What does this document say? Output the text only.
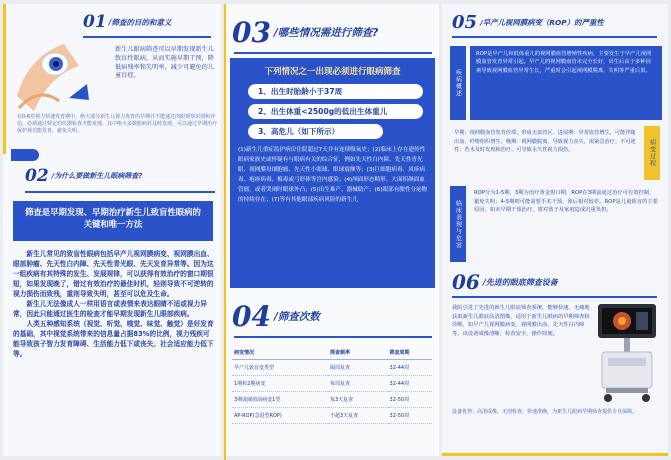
01 /筛查的目的和意义
新生儿眼病筛查可以早期发现新生儿致盲性眼病，从而实施早期干预，降低病残率和失明率，减少可避免的儿童盲症。
在0-6岁视力快速发育期中，绝大部分新生儿视力发育的早期并不能通过肉眼观察识别和评估，必须通过特定的仪器检查才能发现，其中绝大多数眼病若及时发现，可以通过早期治疗保护视功能发育，避免失明。
02 /为什么要做新生儿眼病筛查?
筛查是早期发现、早期治疗新生儿致盲性眼病的关键和唯一方法

新生儿常见的致盲性眼病包括早产儿视网膜病变、视网膜出血、眼部肿瘤、先天性白内障、先天性青光眼、先天发育异常等。因为这一组疾病有其特殊的发生、发展规律，可以获得有效治疗的窗口期很短，如果发现晚了，错过有效治疗的最佳时机，轻则导致不可逆转的视力损伤而致残，重则导致失明，甚至可以危及生命。

新生儿无法像成人一样用语言或表情来表达眼睛不适或视力异常，因此只能通过医生的检查才能早期发现新生儿眼部疾病。

人类五种感知系统（视觉、听觉、嗅觉、味觉、触觉）是好发育的基础，其中视觉系统带来的信息量占据83%的比例，视力残疾可能导致孩子智力发育障碍、生活能力低下或丧失、社会适应能力低下等。

03 /哪些情况需进行筛查?
下列情况之一出现必须进行眼病筛查
1、出生时胎龄小于37周
2、出生体重<2500g的低出生体重儿
3、高危儿（如下所示）
(1)新生儿重症监护病房住院超过7天并有连续吸氧史；(2)临床上存在遗传性眼病家族史或怀疑有与眼病有关的综合征，例如先天性白内障、先天性青光眼、视网膜母细胞瘤、先天性小眼球、眼球震颤等；(3)巨细胞病毒、风疹病毒、疱疹病毒、梅毒或弓形体等宫内感染；(4)颅面形态畸形、大面积颜面血管瘤，或者哭闹时眼球外凸；(5)出生难产、器械助产；(6)眼部有脓性分泌物的持续存在；(7)等有其他眼部疾病风险的新生儿
04 /筛查次数
病变情况	筛查频率	筛查周期
早产儿致盲变类型	隔周复查	32-44周
1期和2期病变	每周复查	32-44周
3期或阈值前病变1型	每3天复查	32-50周
AP-ROP(急进型ROP)	不超3天复查	32-50周
05 /早产儿视网膜病变（ROP）的严重性
疾病概述
ROP是早产儿和低体重儿的视网膜血管增殖性疾病，主要发生于早产儿视网膜血管发育异常引起。早产儿的视网膜血管未完全长好，出生后由于多种因素导致视网膜血管异常生长，严重时会引起视网膜脱离、失明等严重后果。
早期：视网膜血管发育停滞，形成无血管区。进展期：异常血管增生，可能伴随出血、纤维组织增生。晚期：视网膜脱离，导致视力丧失，需紧急治疗。不可逆性：若未及时发现和治疗，可导致永久性视力损伤。	病变过程
临床表现与危害
ROP分为1-5期，3期为治疗黄金窗口期，ROP在3期前通过治疗可有效控制，避免失明；4-5期则可能需要手术干预，预后相对较差。ROP是儿童致盲的主要原因，如未早期干预治疗，将对孩子及家庭造成沉重负担。
06 /先进的眼底筛查设备
我院引进了先进的新生儿眼底筛查系统，能够快速、无痛地获取新生儿眼底高清图像，适用于新生儿眼病的早期筛查和诊断，如早产儿视网膜病变、视网膜出血、先天性白内障等。该设备成像清晰、检查安全、操作简便。
设备优势：高清成像、无创检查、快速准确，为新生儿眼病早期筛查提供专业保障。
